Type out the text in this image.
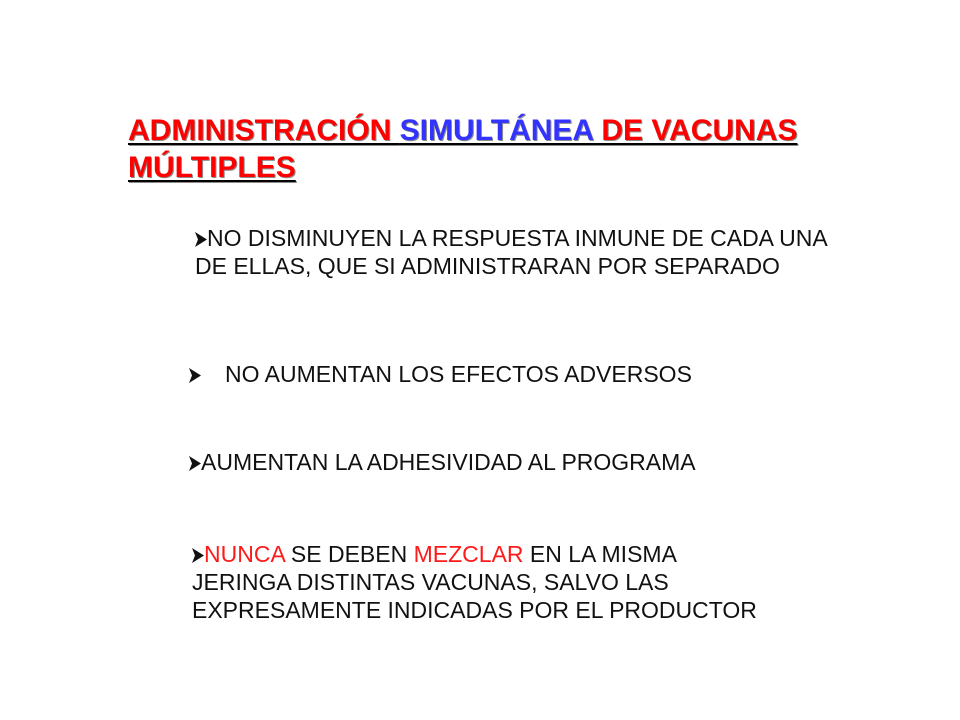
ADMINISTRACIÓN SIMULTÁNEA DE VACUNAS MÚLTIPLES
NO DISMINUYEN LA RESPUESTA INMUNE DE CADA UNA
DE ELLAS, QUE SI ADMINISTRARAN POR SEPARADO
NO AUMENTAN LOS EFECTOS ADVERSOS
AUMENTAN LA ADHESIVIDAD AL PROGRAMA
NUNCA SE DEBEN MEZCLAR EN LA MISMA
JERINGA DISTINTAS VACUNAS, SALVO LAS
EXPRESAMENTE INDICADAS POR EL PRODUCTOR
